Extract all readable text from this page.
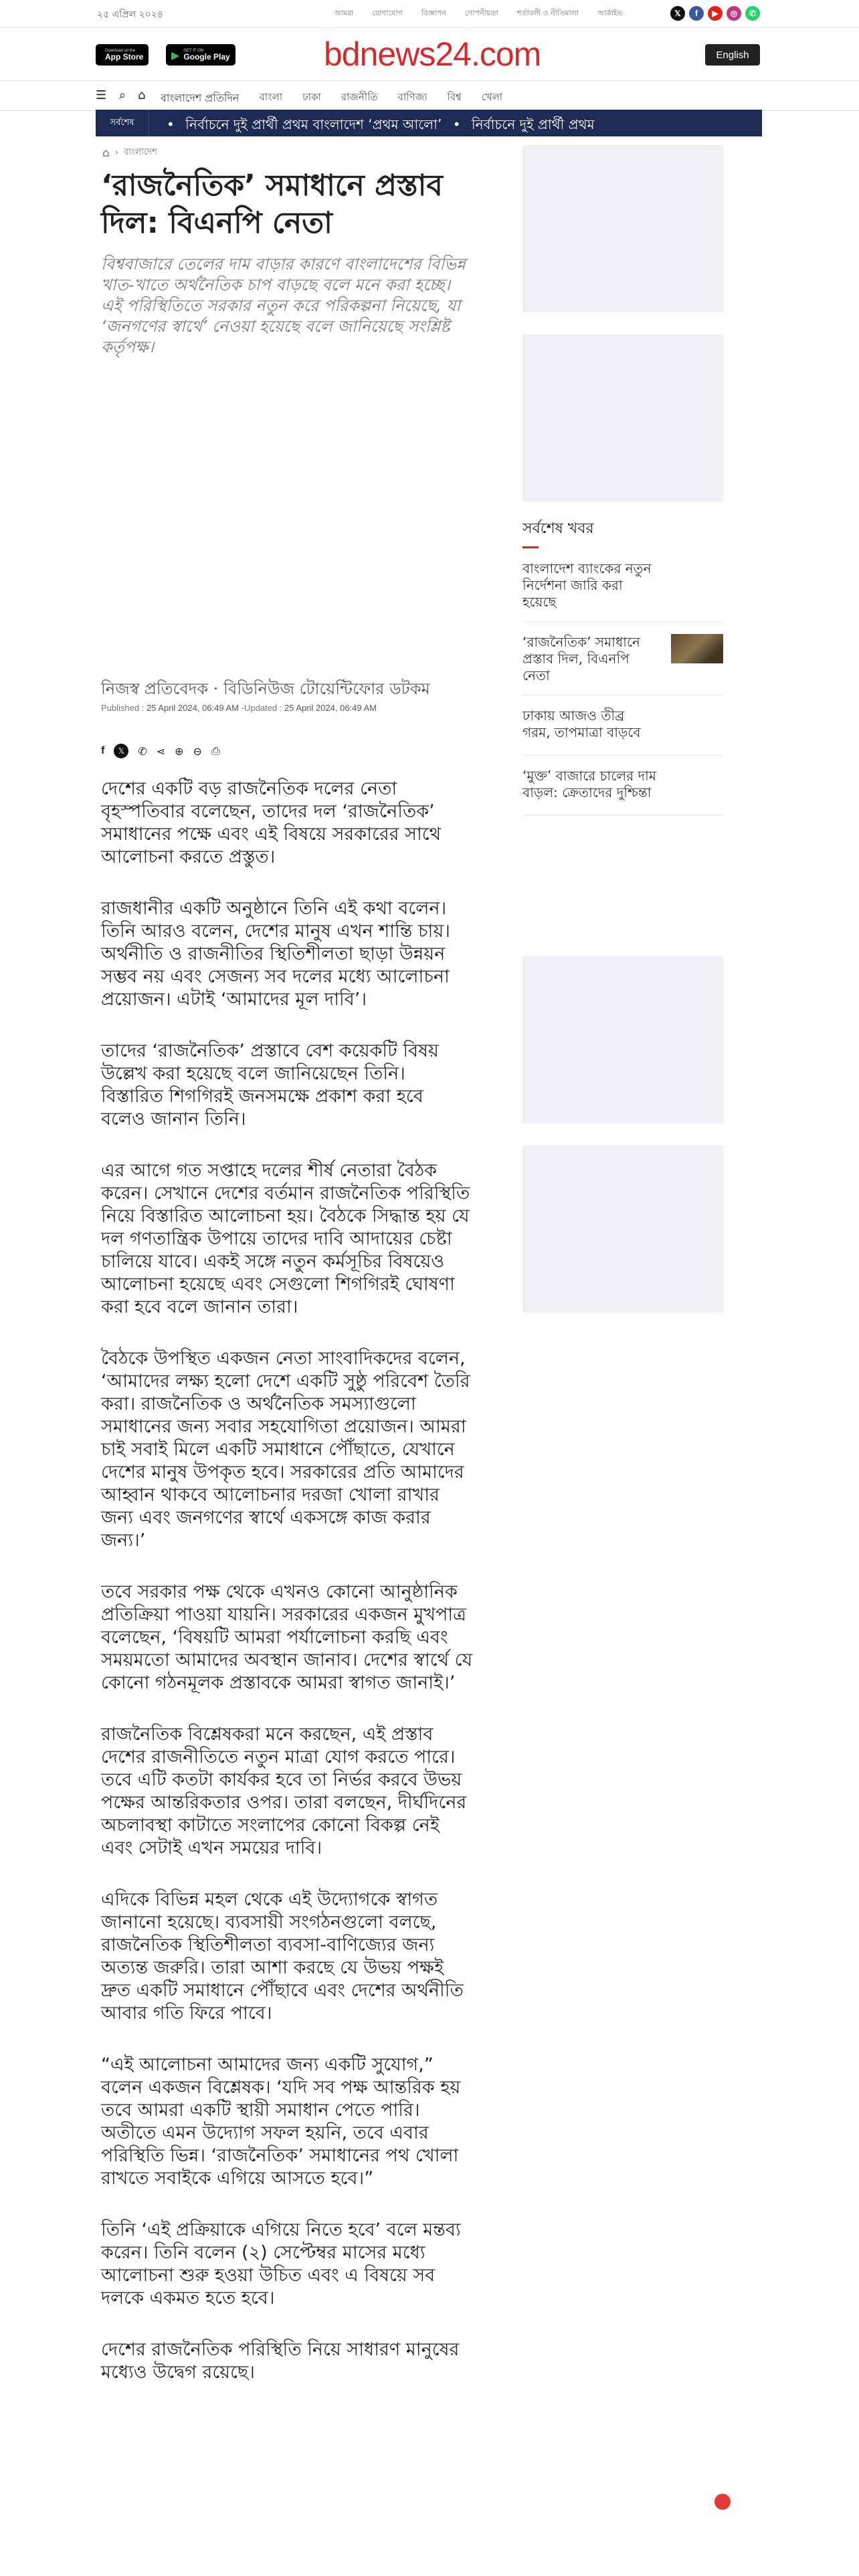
২৫ এপ্রিল ২০২৪	আমরা	যোগাযোগ	বিজ্ঞাপন	গোপনীয়তা	শর্তাবলী ও নীতিমালা	আর্কাইভ	𝕏	f	▶	◎	✆
Download on the
App Store	▶ GET IT ON
Google Play	bdnews24.com	English
☰ ⌕ ⌂ বাংলাদেশ প্রতিদিন বাংলা ঢাকা রাজনীতি বাণিজ্য বিশ্ব খেলা
সর্বশেষ	• নির্বাচনে দুই প্রার্থী প্রথম বাংলাদেশ ‘প্রথম আলো’ • নির্বাচনে দুই প্রার্থী প্রথম
⌂ › বাংলাদেশ
‘রাজনৈতিক’ সমাধানে প্রস্তাব দিল: বিএনপি নেতা

বিশ্ববাজারে তেলের দাম বাড়ার কারণে বাংলাদেশের বিভিন্ন খাত-খাতে অর্থনৈতিক চাপ বাড়ছে বলে মনে করা হচ্ছে। এই পরিস্থিতিতে সরকার নতুন করে পরিকল্পনা নিয়েছে, যা ‘জনগণের স্বার্থে’ নেওয়া হয়েছে বলে জানিয়েছে সংশ্লিষ্ট কর্তৃপক্ষ।

নিজস্ব প্রতিবেদক · বিডিনিউজ টোয়েন্টিফোর ডটকম
Published : 25 April 2024, 06:49 AM -Updated : 25 April 2024, 06:49 AM
f	𝕏	✆ ⋖ ⊕ ⊖ ⎙

দেশের একটি বড় রাজনৈতিক দলের নেতা বৃহস্পতিবার বলেছেন, তাদের দল ‘রাজনৈতিক’ সমাধানের পক্ষে এবং এই বিষয়ে সরকারের সাথে আলোচনা করতে প্রস্তুত।

রাজধানীর একটি অনুষ্ঠানে তিনি এই কথা বলেন। তিনি আরও বলেন, দেশের মানুষ এখন শান্তি চায়। অর্থনীতি ও রাজনীতির স্থিতিশীলতা ছাড়া উন্নয়ন সম্ভব নয় এবং সেজন্য সব দলের মধ্যে আলোচনা প্রয়োজন। এটাই ‘আমাদের মূল দাবি’।

তাদের ‘রাজনৈতিক’ প্রস্তাবে বেশ কয়েকটি বিষয় উল্লেখ করা হয়েছে বলে জানিয়েছেন তিনি। বিস্তারিত শিগগিরই জনসমক্ষে প্রকাশ করা হবে বলেও জানান তিনি।

এর আগে গত সপ্তাহে দলের শীর্ষ নেতারা বৈঠক করেন। সেখানে দেশের বর্তমান রাজনৈতিক পরিস্থিতি নিয়ে বিস্তারিত আলোচনা হয়। বৈঠকে সিদ্ধান্ত হয় যে দল গণতান্ত্রিক উপায়ে তাদের দাবি আদায়ের চেষ্টা চালিয়ে যাবে। একই সঙ্গে নতুন কর্মসূচির বিষয়েও আলোচনা হয়েছে এবং সেগুলো শিগগিরই ঘোষণা করা হবে বলে জানান তারা।

বৈঠকে উপস্থিত একজন নেতা সাংবাদিকদের বলেন, ‘আমাদের লক্ষ্য হলো দেশে একটি সুষ্ঠু পরিবেশ তৈরি করা। রাজনৈতিক ও অর্থনৈতিক সমস্যাগুলো সমাধানের জন্য সবার সহযোগিতা প্রয়োজন। আমরা চাই সবাই মিলে একটি সমাধানে পৌঁছাতে, যেখানে দেশের মানুষ উপকৃত হবে। সরকারের প্রতি আমাদের আহ্বান থাকবে আলোচনার দরজা খোলা রাখার জন্য এবং জনগণের স্বার্থে একসঙ্গে কাজ করার জন্য।’

তবে সরকার পক্ষ থেকে এখনও কোনো আনুষ্ঠানিক প্রতিক্রিয়া পাওয়া যায়নি। সরকারের একজন মুখপাত্র বলেছেন, ‘বিষয়টি আমরা পর্যালোচনা করছি এবং সময়মতো আমাদের অবস্থান জানাব। দেশের স্বার্থে যে কোনো গঠনমূলক প্রস্তাবকে আমরা স্বাগত জানাই।’

রাজনৈতিক বিশ্লেষকরা মনে করছেন, এই প্রস্তাব দেশের রাজনীতিতে নতুন মাত্রা যোগ করতে পারে। তবে এটি কতটা কার্যকর হবে তা নির্ভর করবে উভয় পক্ষের আন্তরিকতার ওপর। তারা বলছেন, দীর্ঘদিনের অচলাবস্থা কাটাতে সংলাপের কোনো বিকল্প নেই এবং সেটাই এখন সময়ের দাবি।

এদিকে বিভিন্ন মহল থেকে এই উদ্যোগকে স্বাগত জানানো হয়েছে। ব্যবসায়ী সংগঠনগুলো বলছে, রাজনৈতিক স্থিতিশীলতা ব্যবসা-বাণিজ্যের জন্য অত্যন্ত জরুরি। তারা আশা করছে যে উভয় পক্ষই দ্রুত একটি সমাধানে পৌঁছাবে এবং দেশের অর্থনীতি আবার গতি ফিরে পাবে।

“এই আলোচনা আমাদের জন্য একটি সুযোগ,” বলেন একজন বিশ্লেষক। ‘যদি সব পক্ষ আন্তরিক হয় তবে আমরা একটি স্থায়ী সমাধান পেতে পারি। অতীতে এমন উদ্যোগ সফল হয়নি, তবে এবার পরিস্থিতি ভিন্ন। ‘রাজনৈতিক’ সমাধানের পথ খোলা রাখতে সবাইকে এগিয়ে আসতে হবে।”

তিনি ‘এই প্রক্রিয়াকে এগিয়ে নিতে হবে’ বলে মন্তব্য করেন। তিনি বলেন (২) সেপ্টেম্বর মাসের মধ্যে আলোচনা শুরু হওয়া উচিত এবং এ বিষয়ে সব দলকে একমত হতে হবে।

দেশের রাজনৈতিক পরিস্থিতি নিয়ে সাধারণ মানুষের মধ্যেও উদ্বেগ রয়েছে।

সর্বশেষ খবর
বাংলাদেশ ব্যাংকের নতুন নির্দেশনা জারি করা হয়েছে
‘রাজনৈতিক’ সমাধানে প্রস্তাব দিল, বিএনপি নেতা
ঢাকায় আজও তীব্র গরম, তাপমাত্রা বাড়বে
‘মুক্ত’ বাজারে চালের দাম বাড়ল: ক্রেতাদের দুশ্চিন্তা
